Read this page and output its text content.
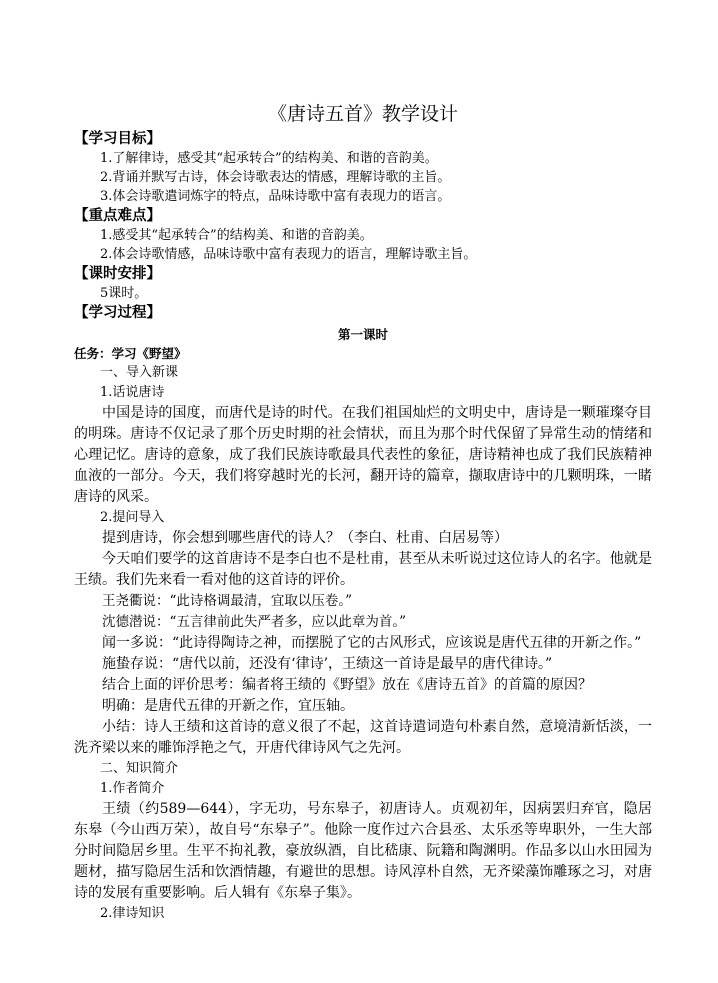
《唐诗五首》教学设计

【学习目标】

1.了解律诗，感受其“起承转合”的结构美、和谐的音韵美。

2.背诵并默写古诗，体会诗歌表达的情感，理解诗歌的主旨。

3.体会诗歌遣词炼字的特点，品味诗歌中富有表现力的语言。

【重点难点】

1.感受其“起承转合”的结构美、和谐的音韵美。

2.体会诗歌情感，品味诗歌中富有表现力的语言，理解诗歌主旨。

【课时安排】

5课时。

【学习过程】

第一课时

任务：学习《野望》

一、导入新课

1.话说唐诗

中国是诗的国度，而唐代是诗的时代。在我们祖国灿烂的文明史中，唐诗是一颗璀璨夺目的明珠。唐诗不仅记录了那个历史时期的社会情状，而且为那个时代保留了异常生动的情绪和心理记忆。唐诗的意象，成了我们民族诗歌最具代表性的象征，唐诗精神也成了我们民族精神血液的一部分。今天，我们将穿越时光的长河，翻开诗的篇章，撷取唐诗中的几颗明珠，一睹唐诗的风采。

2.提问导入

提到唐诗，你会想到哪些唐代的诗人？（李白、杜甫、白居易等）

今天咱们要学的这首唐诗不是李白也不是杜甫，甚至从未听说过这位诗人的名字。他就是王绩。我们先来看一看对他的这首诗的评价。

王尧衢说：“此诗格调最清，宜取以压卷。”

沈德潜说：“五言律前此失严者多，应以此章为首。”

闻一多说：“此诗得陶诗之神，而摆脱了它的古风形式，应该说是唐代五律的开新之作。”

施蛰存说：“唐代以前，还没有‘律诗’，王绩这一首诗是最早的唐代律诗。”

结合上面的评价思考：编者将王绩的《野望》放在《唐诗五首》的首篇的原因？

明确：是唐代五律的开新之作，宜压轴。

小结：诗人王绩和这首诗的意义很了不起，这首诗遣词造句朴素自然，意境清新恬淡，一洗齐梁以来的雕饰浮艳之气，开唐代律诗风气之先河。

二、知识简介

1.作者简介

王绩（约589—644），字无功，号东皋子，初唐诗人。贞观初年，因病罢归弃官，隐居东皋（今山西万荣），故自号“东皋子”。他除一度作过六合县丞、太乐丞等卑职外，一生大部分时间隐居乡里。生平不拘礼教，豪放纵酒，自比嵇康、阮籍和陶渊明。作品多以山水田园为题材，描写隐居生活和饮酒情趣，有避世的思想。诗风淳朴自然，无齐梁藻饰雕琢之习，对唐诗的发展有重要影响。后人辑有《东皋子集》。

2.律诗知识
